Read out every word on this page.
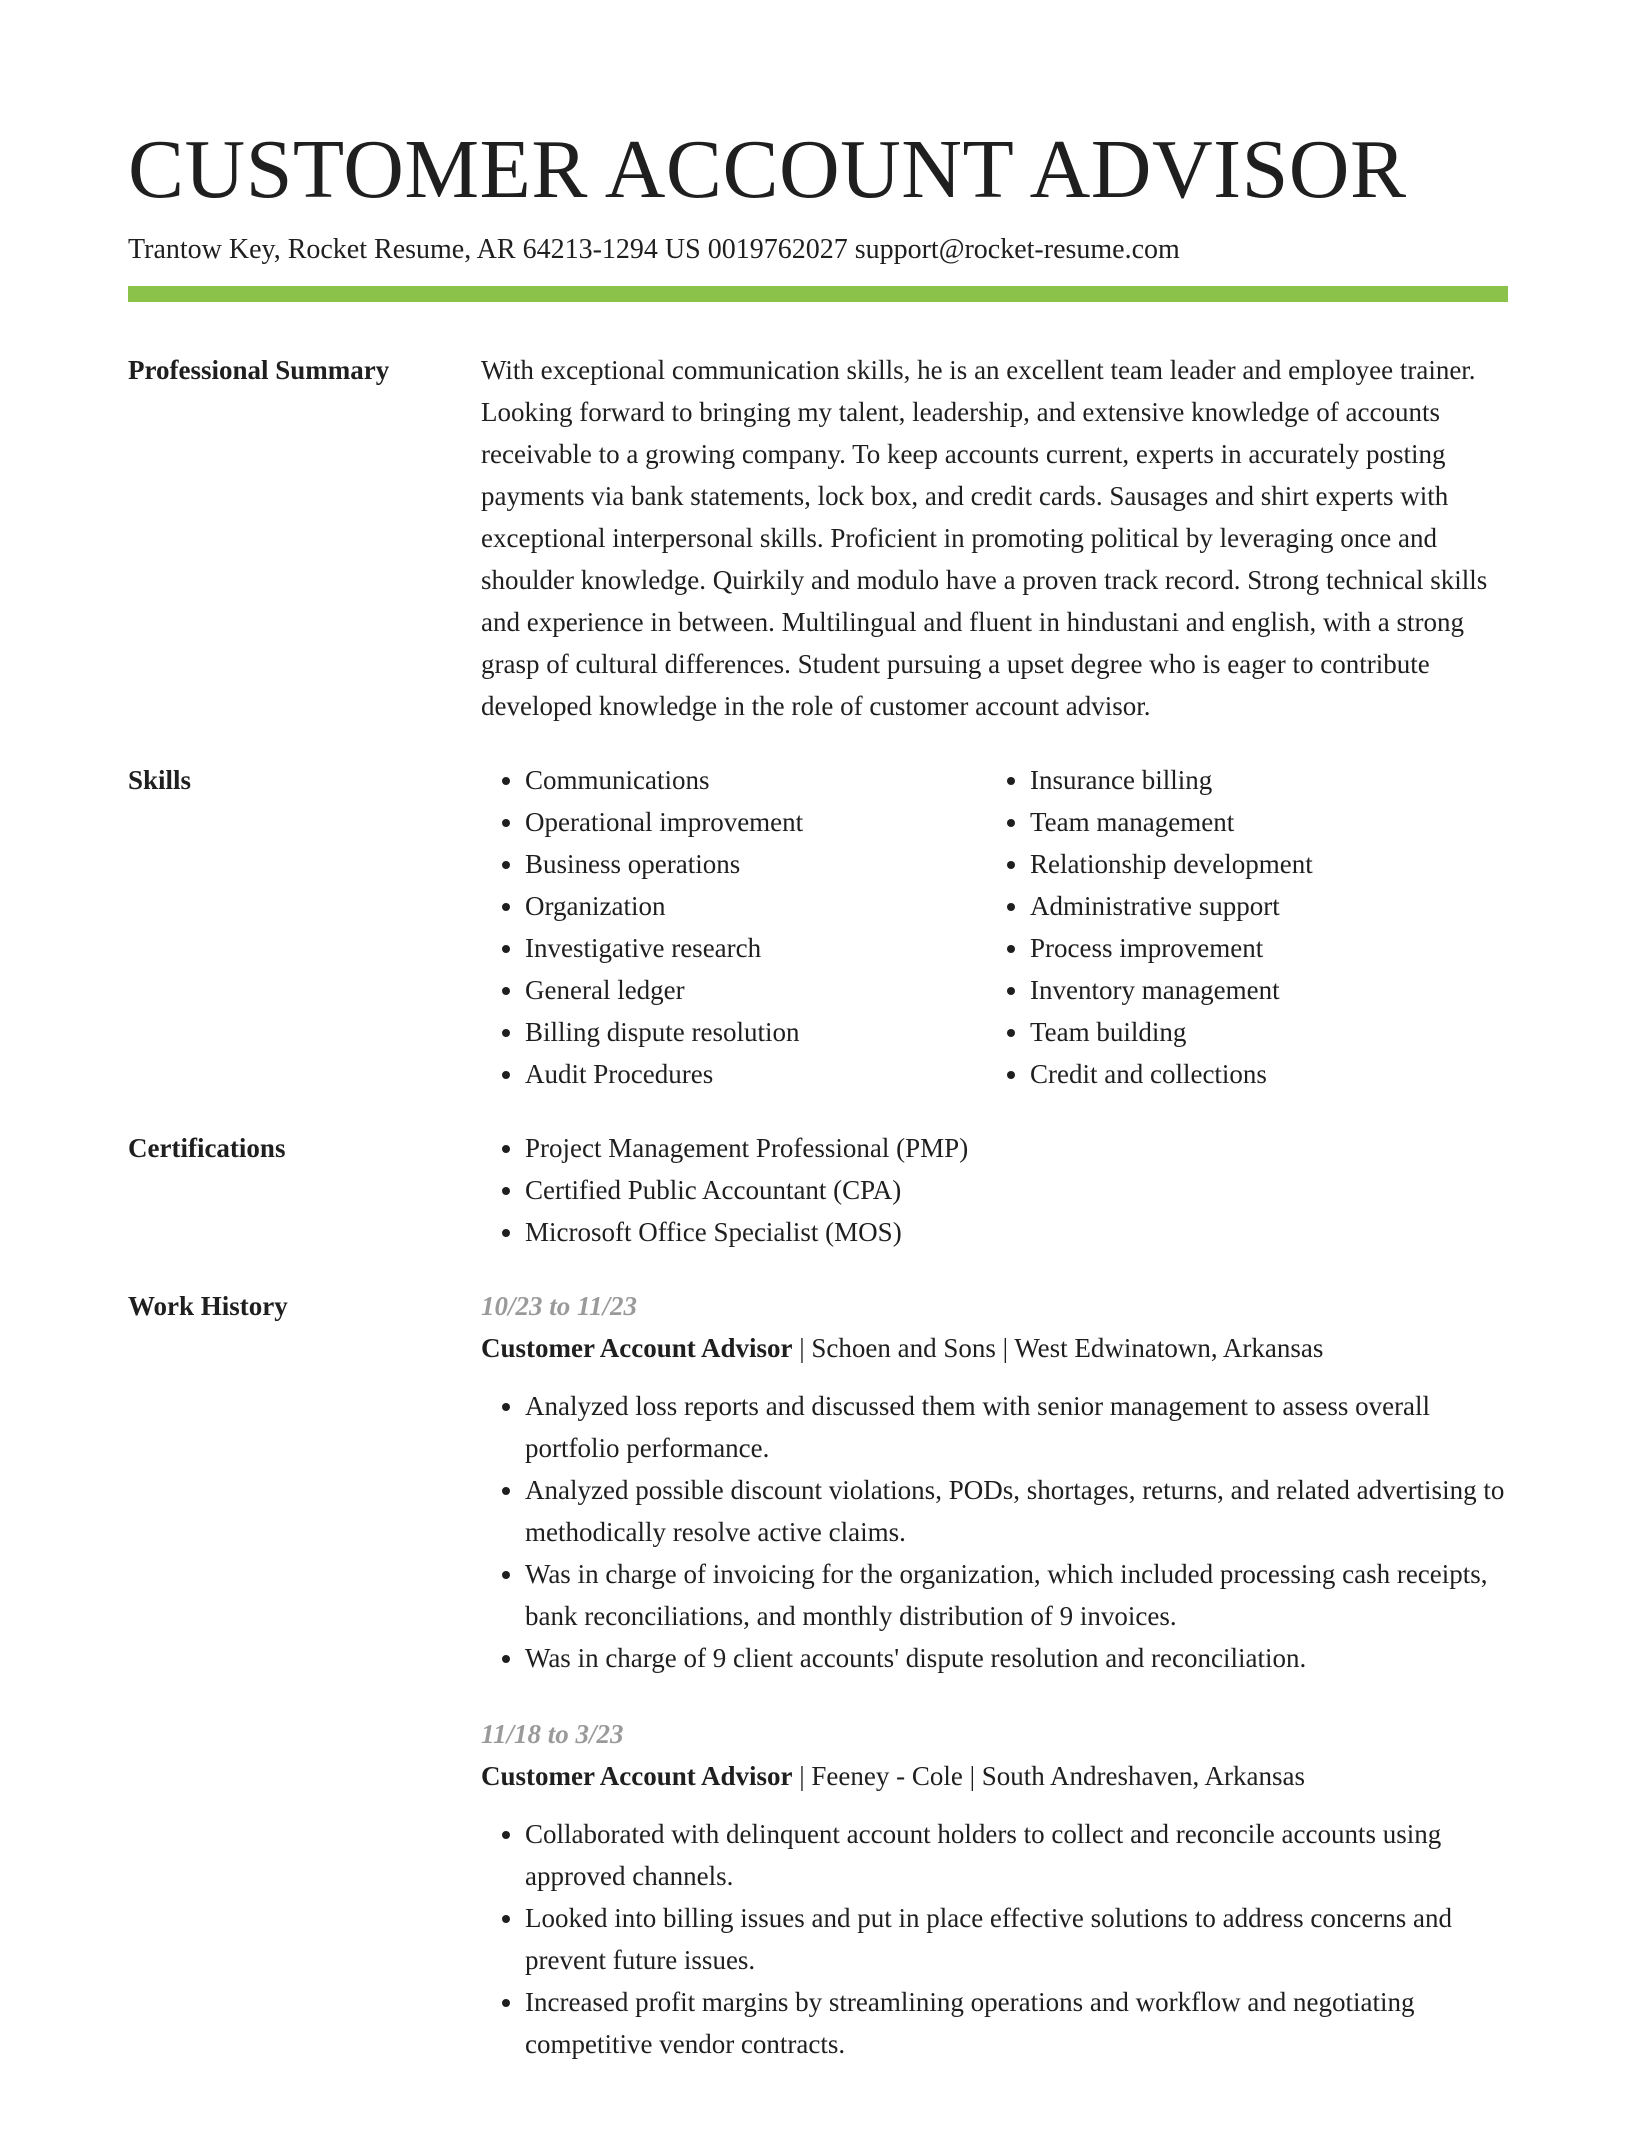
CUSTOMER ACCOUNT ADVISOR
Trantow Key, Rocket Resume, AR 64213-1294 US 0019762027 support@rocket-resume.com
Professional Summary	With exceptional communication skills, he is an excellent team leader and employee trainer. Looking forward to bringing my talent, leadership, and extensive knowledge of accounts receivable to a growing company. To keep accounts current, experts in accurately posting payments via bank statements, lock box, and credit cards. Sausages and shirt experts with exceptional interpersonal skills. Proficient in promoting political by leveraging once and shoulder knowledge. Quirkily and modulo have a proven track record. Strong technical skills and experience in between. Multilingual and fluent in hindustani and english, with a strong grasp of cultural differences. Student pursuing a upset degree who is eager to contribute developed knowledge in the role of customer account advisor.

Skills	• Communications
• Operational improvement
• Business operations
• Organization
• Investigative research
• General ledger
• Billing dispute resolution
• Audit Procedures
• Insurance billing
• Team management
• Relationship development
• Administrative support
• Process improvement
• Inventory management
• Team building
• Credit and collections
Certifications	• Project Management Professional (PMP)
• Certified Public Accountant (CPA)
• Microsoft Office Specialist (MOS)
Work History	10/23 to 11/23
Customer Account Advisor | Schoen and Sons | West Edwinatown, Arkansas
• Analyzed loss reports and discussed them with senior management to assess overall portfolio performance.
• Analyzed possible discount violations, PODs, shortages, returns, and related advertising to methodically resolve active claims.
• Was in charge of invoicing for the organization, which included processing cash receipts, bank reconciliations, and monthly distribution of 9 invoices.
• Was in charge of 9 client accounts' dispute resolution and reconciliation.
11/18 to 3/23
Customer Account Advisor | Feeney - Cole | South Andreshaven, Arkansas
• Collaborated with delinquent account holders to collect and reconcile accounts using approved channels.
• Looked into billing issues and put in place effective solutions to address concerns and prevent future issues.
• Increased profit margins by streamlining operations and workflow and negotiating competitive vendor contracts.
